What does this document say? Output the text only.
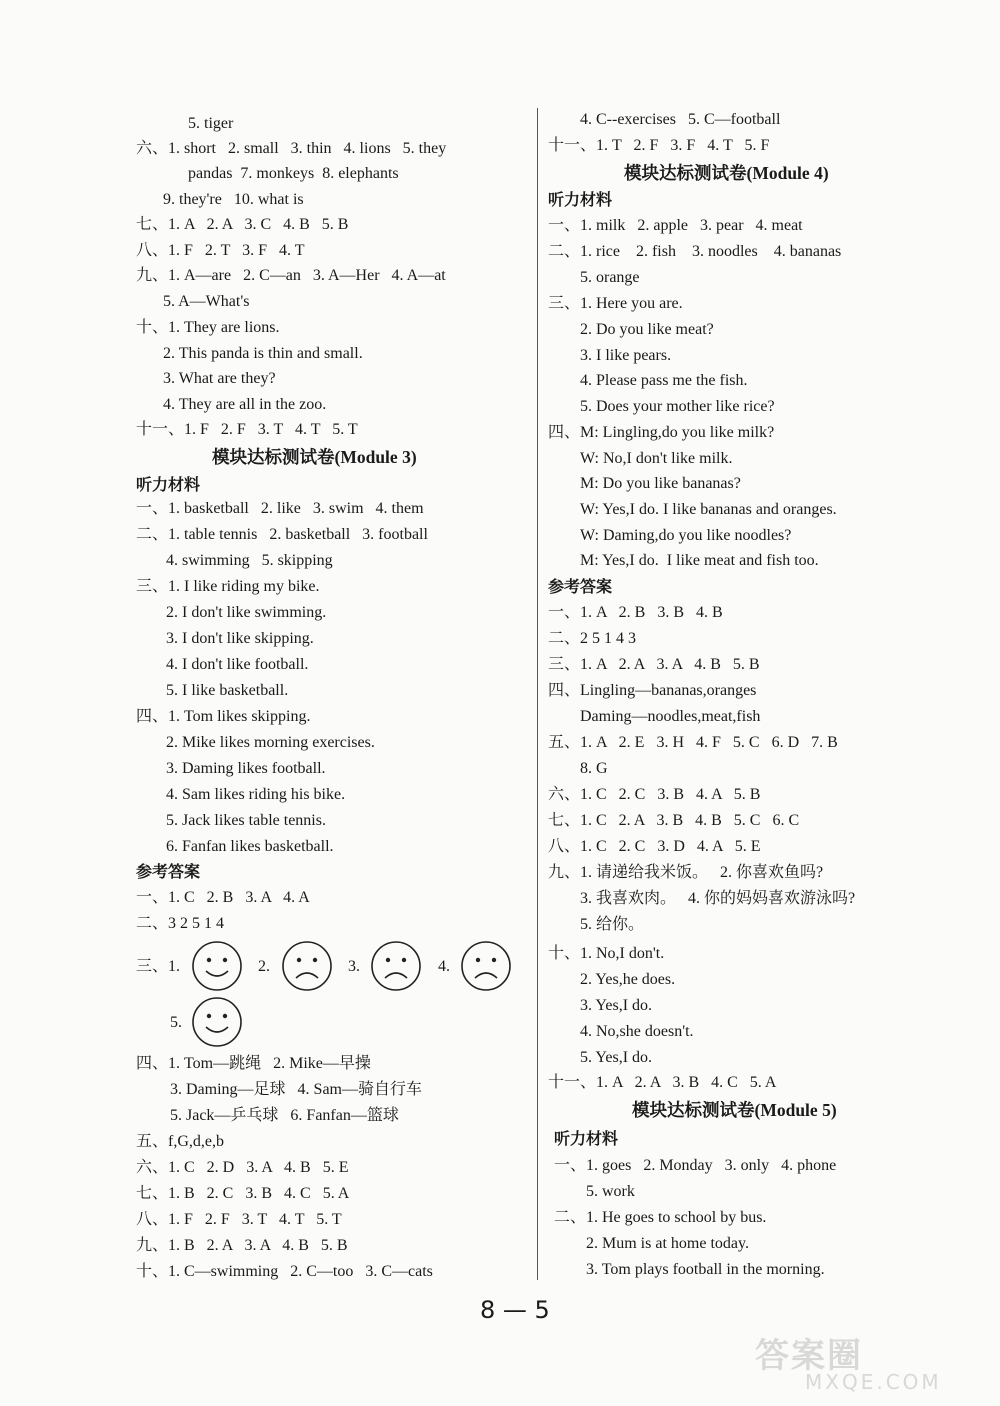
8 — 5
答案圈
MXQE.COM
5. tiger
六、1. short   2. small   3. thin   4. lions   5. they
pandas  7. monkeys  8. elephants
9. they're   10. what is
七、1. A   2. A   3. C   4. B   5. B
八、1. F   2. T   3. F   4. T
九、1. A—are   2. C—an   3. A—Her   4. A—at
5. A—What's
十、1. They are lions.
2. This panda is thin and small.
3. What are they?
4. They are all in the zoo.
十一、1. F   2. F   3. T   4. T   5. T
听力材料
一、1. basketball   2. like   3. swim   4. them
二、1. table tennis   2. basketball   3. football
4. swimming   5. skipping
三、1. I like riding my bike.
2. I don't like swimming.
3. I don't like skipping.
4. I don't like football.
5. I like basketball.
四、1. Tom likes skipping.
2. Mike likes morning exercises.
3. Daming likes football.
4. Sam likes riding his bike.
5. Jack likes table tennis.
6. Fanfan likes basketball.
参考答案
一、1. C   2. B   3. A   4. A
二、3 2 5 1 4
三、1.	2.	3.	4.
5.
四、1. Tom—跳绳   2. Mike—早操
3. Daming—足球   4. Sam—骑自行车
5. Jack—乒乓球   6. Fanfan—篮球
五、f,G,d,e,b
六、1. C   2. D   3. A   4. B   5. E
七、1. B   2. C   3. B   4. C   5. A
八、1. F   2. F   3. T   4. T   5. T
九、1. B   2. A   3. A   4. B   5. B
十、1. C—swimming   2. C—too   3. C—cats
4. C--exercises   5. C—football
十一、1. T   2. F   3. F   4. T   5. F
听力材料
一、1. milk   2. apple   3. pear   4. meat
二、1. rice    2. fish    3. noodles    4. bananas
5. orange
三、1. Here you are.
2. Do you like meat?
3. I like pears.
4. Please pass me the fish.
5. Does your mother like rice?
四、M: Lingling,do you like milk?
W: No,I don't like milk.
M: Do you like bananas?
W: Yes,I do. I like bananas and oranges.
W: Daming,do you like noodles?
M: Yes,I do.  I like meat and fish too.
参考答案
一、1. A   2. B   3. B   4. B
二、2 5 1 4 3
三、1. A   2. A   3. A   4. B   5. B
四、Lingling—bananas,oranges
Daming—noodles,meat,fish
五、1. A   2. E   3. H   4. F   5. C   6. D   7. B
8. G
六、1. C   2. C   3. B   4. A   5. B
七、1. C   2. A   3. B   4. B   5. C   6. C
八、1. C   2. C   3. D   4. A   5. E
九、1. 请递给我米饭。   2. 你喜欢鱼吗?
3. 我喜欢肉。   4. 你的妈妈喜欢游泳吗?
5. 给你。
十、1. No,I don't.
2. Yes,he does.
3. Yes,I do.
4. No,she doesn't.
5. Yes,I do.
十一、1. A   2. A   3. B   4. C   5. A
听力材料
一、1. goes   2. Monday   3. only   4. phone
5. work
二、1. He goes to school by bus.
2. Mum is at home today.
3. Tom plays football in the morning.
模块达标测试卷(Module 3)
模块达标测试卷(Module 4)
模块达标测试卷(Module 5)
